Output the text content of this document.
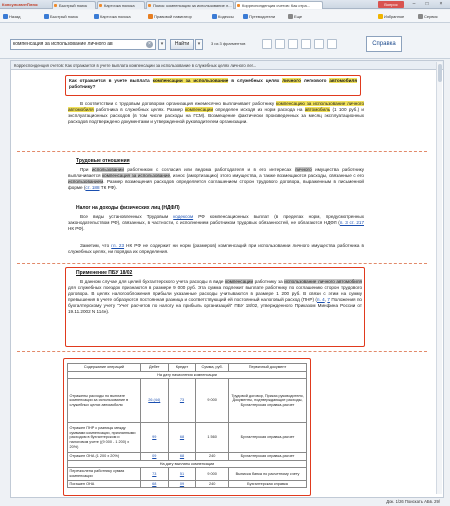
КонсультантПлюс	Быстрый поиск	Карточка поиска	Поиск: компенсация за использование л...	Корреспонденция счетов: Как отра...	Вопрос	–	□	×
Назад	Быстрый поиск	Карточка поиска	Правовой навигатор	Кодексы	Путеводители	Еще	Избранное	Сервис
компенсация за использование личного ав	×	▾	Найти	▾	3 из 3 фрагментов	Справка
Корреспонденция счетов: Как отражается в учете выплата компенсации за использование в служебных целях личного лег...
Как отражается в учете выплата компенсации за использование в служебных целях личного легкового автомобиля работнику?
В соответствии с трудовым договором организация ежемесячно выплачивает работнику компенсацию за использование личного автомобиля работника в служебных целях. Размер компенсации определен исходя из норм расхода на автомобиль (1 100 руб.) и эксплуатационных расходов (в том числе расходы на ГСМ). Возмещение фактически произведенных за месяц эксплуатационных расходов подтверждено документами и утвержденной руководителем организации.
Трудовые отношения
При использовании работником с согласия или ведома работодателя и в его интересах личного имущества работнику выплачивается компенсация за использование, износ (амортизацию) этого имущества, а также возмещаются расходы, связанные с его использованием. Размер возмещения расходов определяется соглашением сторон трудового договора, выраженным в письменной форме (ст. 188 ТК РФ).
Налог на доходы физических лиц (НДФЛ)
Все виды установленных Трудовым кодексом РФ компенсационных выплат (в пределах норм, предусмотренных законодательством РФ), связанных, в частности, с исполнением работником трудовых обязанностей, не облагаются НДФЛ (п. 3 ст. 217 НК РФ).
Заметим, что гл. 23 НК РФ не содержит ни норм (размеров) компенсаций при использовании личного имущества работника в служебных целях, ни порядка их определения.
Применение ПБУ 18/02
В данном случае для целей бухгалтерского учета расходы в виде компенсации работнику за использование личного автомобиля для служебных поездок признаются в размере 9 000 руб. Эта сумма подлежит выплате работнику по соглашению сторон трудового договора. В целях налогообложения прибыли указанные расходы учитываются в размере 1 200 руб. В связи с этим на сумму превышения в учете образуются постоянная разница и соответствующий ей постоянный налоговый расход (ПНР) (п. 4, 7 Положения по бухгалтерскому учету "Учет расчетов по налогу на прибыль организаций" ПБУ 18/02, утвержденного Приказом Минфина России от 19.11.2002 N 114н).
Содержание операций	Дебет	Кредит	Сумма, руб.	Первичный документ
На дату начисления компенсации				
Отражены расходы по выплате компенсации за использование в служебных целях автомобиля	26 (44)	73	9 000	Трудовой договор, Приказ руководителя, Документы, подтверждающие расходы, Бухгалтерская справка-расчет
Отражен ПНР с разницы между суммами компенсации, признанными расходом в бухгалтерском и налоговом учете ((9 000 - 1 200) x 20%)	99	68	1 560	Бухгалтерская справка-расчет
Отражен ОНА (1 200 x 20%)	09	68	240	Бухгалтерская справка-расчет
На дату выплаты компенсации				
Перечислена работнику сумма компенсации	73	51	9 000	Выписка банка по расчетному счету
Погашен ОНА	68	09	240	Бухгалтерская справка
Док. 1/26 Поискать АБв. 29/
